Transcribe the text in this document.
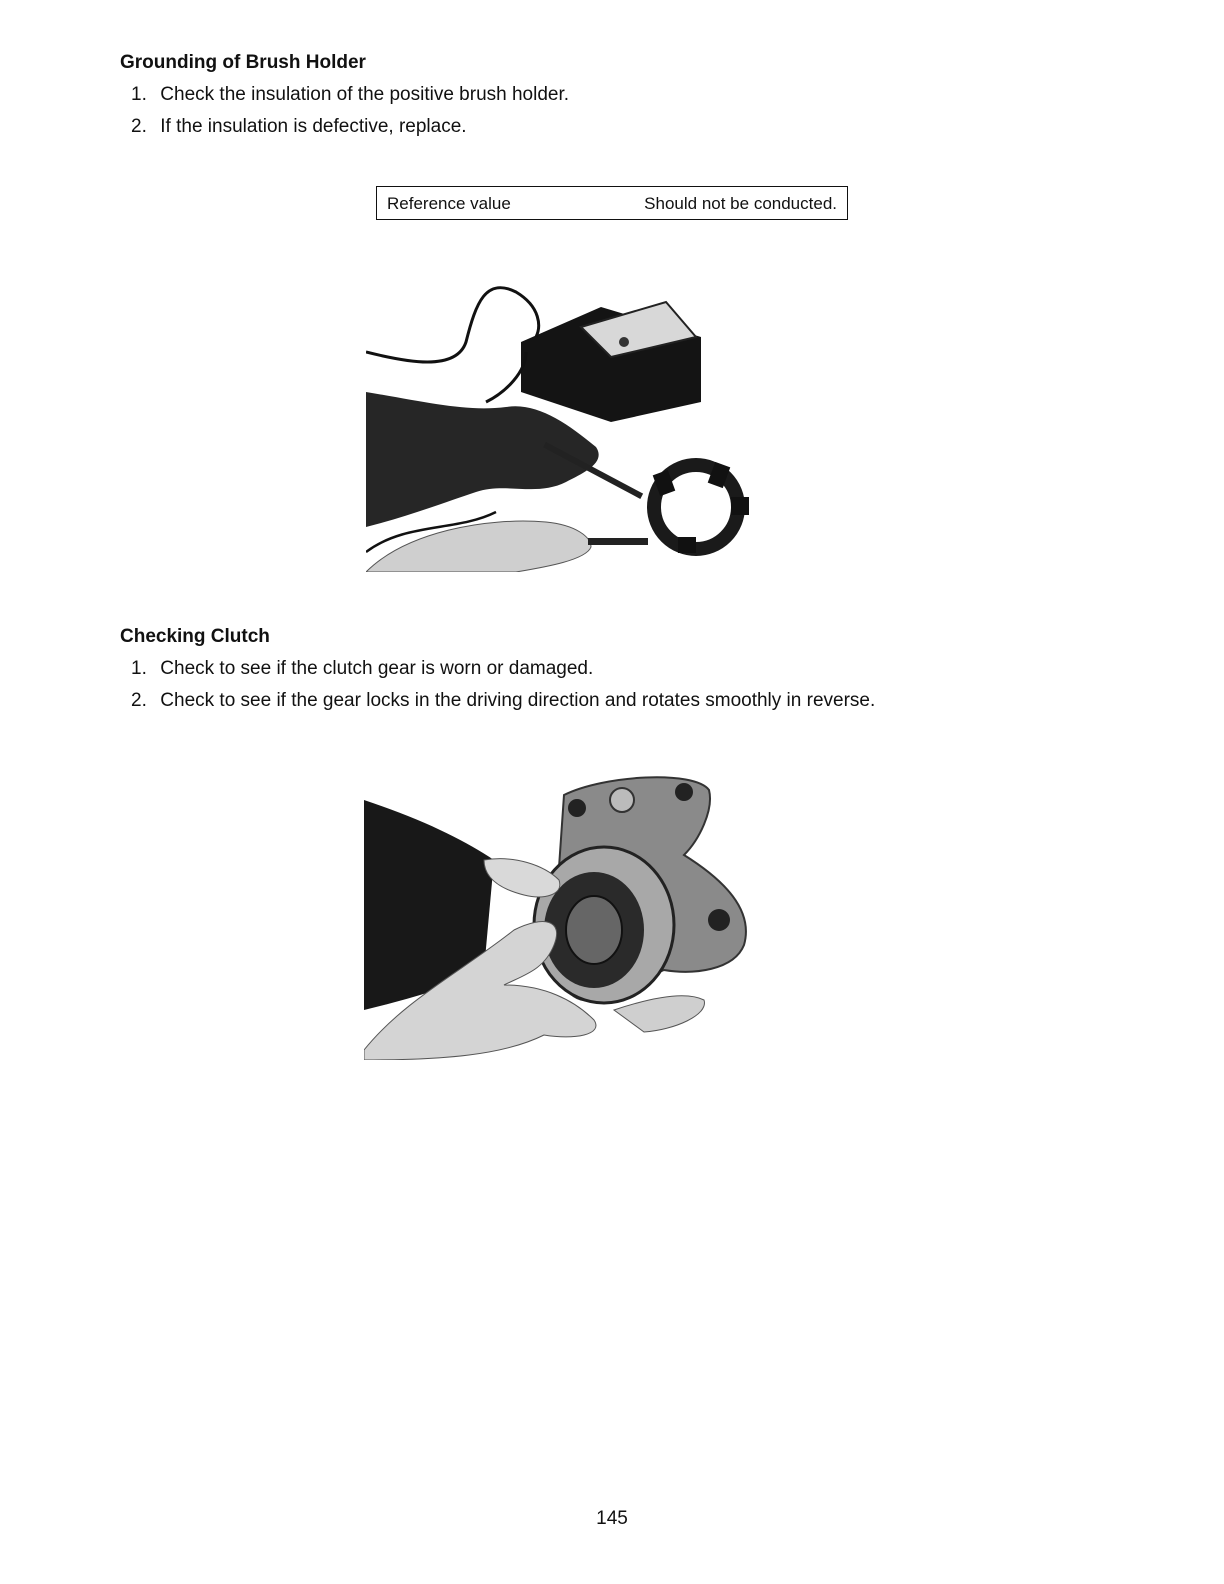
Grounding of Brush Holder
1. Check the insulation of the positive brush holder.
2. If the insulation is defective, replace.
Reference value	Should not be conducted.
Checking Clutch
1. Check to see if the clutch gear is worn or damaged.
2. Check to see if the gear locks in the driving direction and rotates smoothly in reverse.
145
